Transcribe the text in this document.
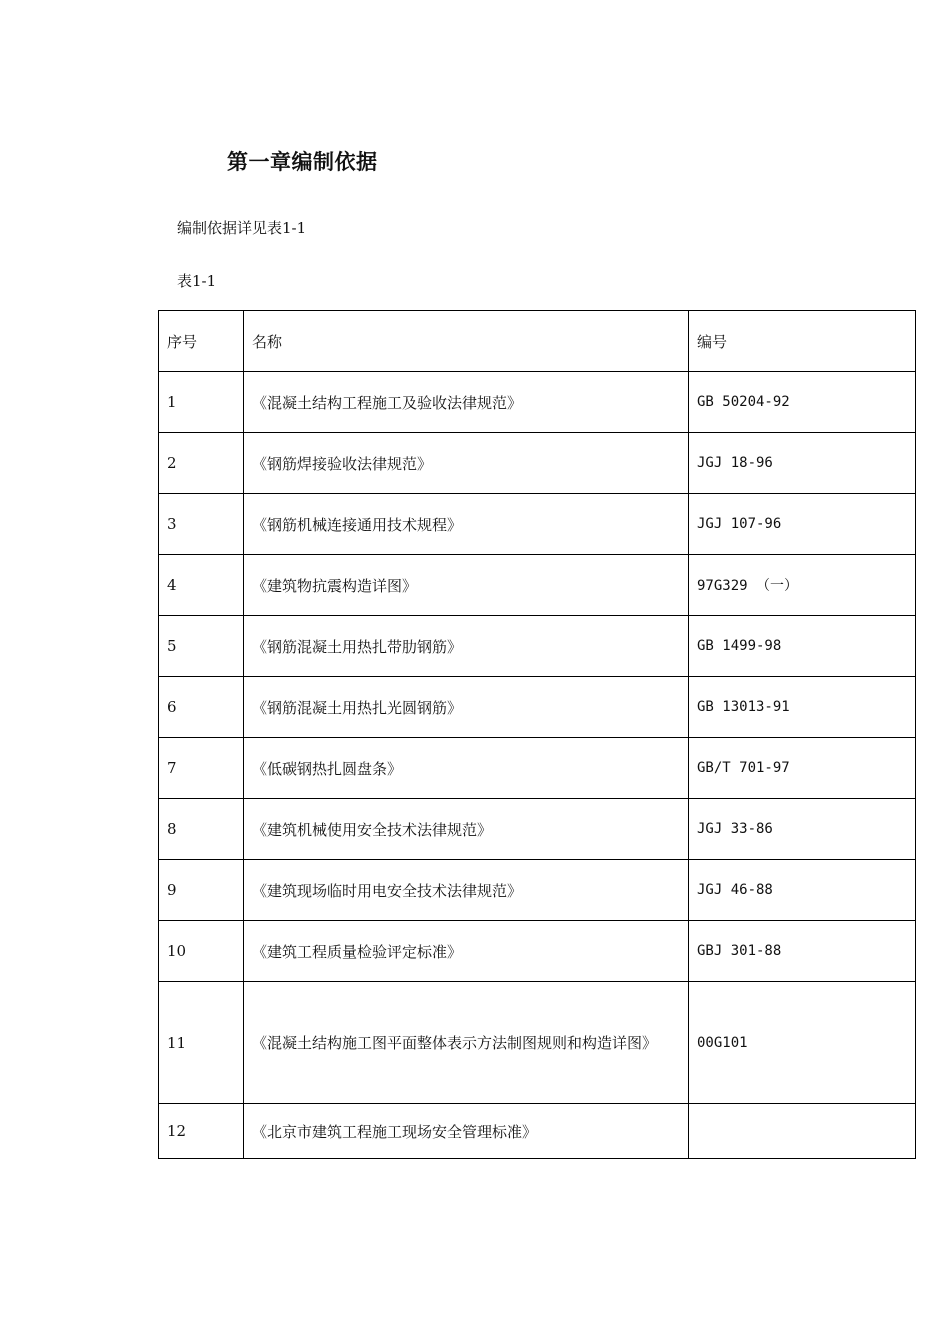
第一章编制依据
编制依据详见表1-1
表1-1
序号	名称	编号
1	《混凝土结构工程施工及验收法律规范》	GB 50204-92
2	《钢筋焊接验收法律规范》	JGJ 18-96
3	《钢筋机械连接通用技术规程》	JGJ 107-96
4	《建筑物抗震构造详图》	97G329 （一）
5	《钢筋混凝土用热扎带肋钢筋》	GB 1499-98
6	《钢筋混凝土用热扎光圆钢筋》	GB 13013-91
7	《低碳钢热扎圆盘条》	GB/T 701-97
8	《建筑机械使用安全技术法律规范》	JGJ 33-86
9	《建筑现场临时用电安全技术法律规范》	JGJ 46-88
10	《建筑工程质量检验评定标准》	GBJ 301-88
11	《混凝土结构施工图平面整体表示方法制图规则和构造详图》	00G101
12	《北京市建筑工程施工现场安全管理标准》	
